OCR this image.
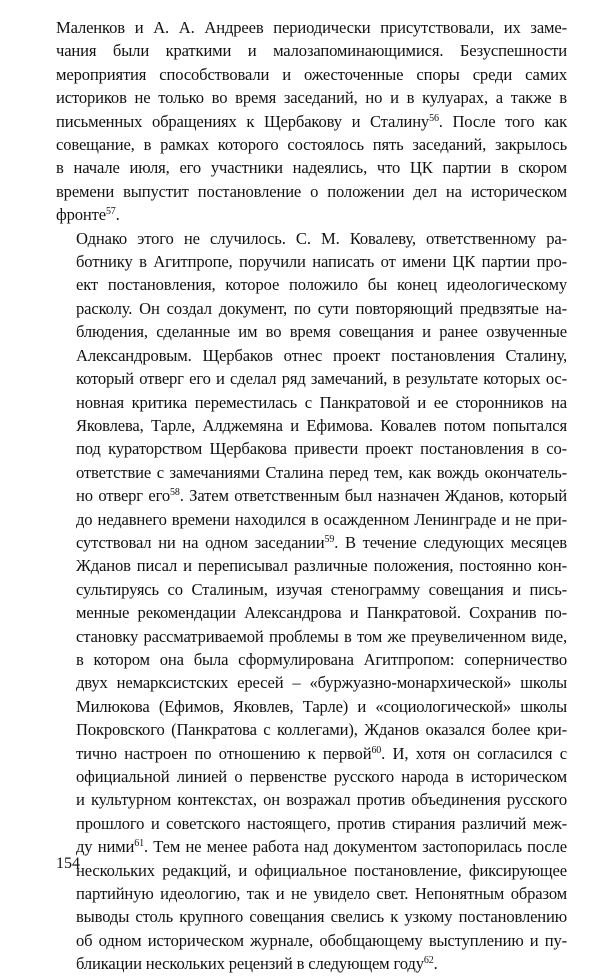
Маленков и А. А. Андреев периодически присутствовали, их заме-
чания были краткими и малозапоминающимися. Безуспешности
мероприятия способствовали и ожесточенные споры среди самих
историков не только во время заседаний, но и в кулуарах, а также в
письменных обращениях к Щербакову и Сталину$^{56}$. После того как
совещание, в рамках которого состоялось пять заседаний, закрылось
в начале июля, его участники надеялись, что ЦК партии в скором
времени выпустит постановление о положении дел на историческом
фронте$^{57}$.
Однако этого не случилось. С. М. Ковалеву, ответственному ра-
ботнику в Агитпропе, поручили написать от имени ЦК партии про-
ект постановления, которое положило бы конец идеологическому
расколу. Он создал документ, по сути повторяющий предвзятые на-
блюдения, сделанные им во время совещания и ранее озвученные
Александровым. Щербаков отнес проект постановления Сталину,
который отверг его и сделал ряд замечаний, в результате которых ос-
новная критика переместилась с Панкратовой и ее сторонников на
Яковлева, Тарле, Алджемяна и Ефимова. Ковалев потом попытался
под кураторством Щербакова привести проект постановления в со-
ответствие с замечаниями Сталина перед тем, как вождь окончатель-
но отверг его$^{58}$. Затем ответственным был назначен Жданов, который
до недавнего времени находился в осажденном Ленинграде и не при-
сутствовал ни на одном заседании$^{59}$. В течение следующих месяцев
Жданов писал и переписывал различные положения, постоянно кон-
сультируясь со Сталиным, изучая стенограмму совещания и пись-
менные рекомендации Александрова и Панкратовой. Сохранив по-
становку рассматриваемой проблемы в том же преувеличенном виде,
в котором она была сформулирована Агитпропом: соперничество
двух немарксистских ересей – «буржуазно-монархической» школы
Милюкова (Ефимов, Яковлев, Тарле) и «социологической» школы
Покровского (Панкратова с коллегами), Жданов оказался более кри-
тично настроен по отношению к первой$^{60}$. И, хотя он согласился с
официальной линией о первенстве русского народа в историческом
и культурном контекстах, он возражал против объединения русского
прошлого и советского настоящего, против стирания различий меж-
ду ними$^{61}$. Тем не менее работа над документом застопорилась после
нескольких редакций, и официальное постановление, фиксирующее
партийную идеологию, так и не увидело свет. Непонятным образом
выводы столь крупного совещания свелись к узкому постановлению
об одном историческом журнале, обобщающему выступлению и пу-
бликации нескольких рецензий в следующем году$^{62}$.
154
